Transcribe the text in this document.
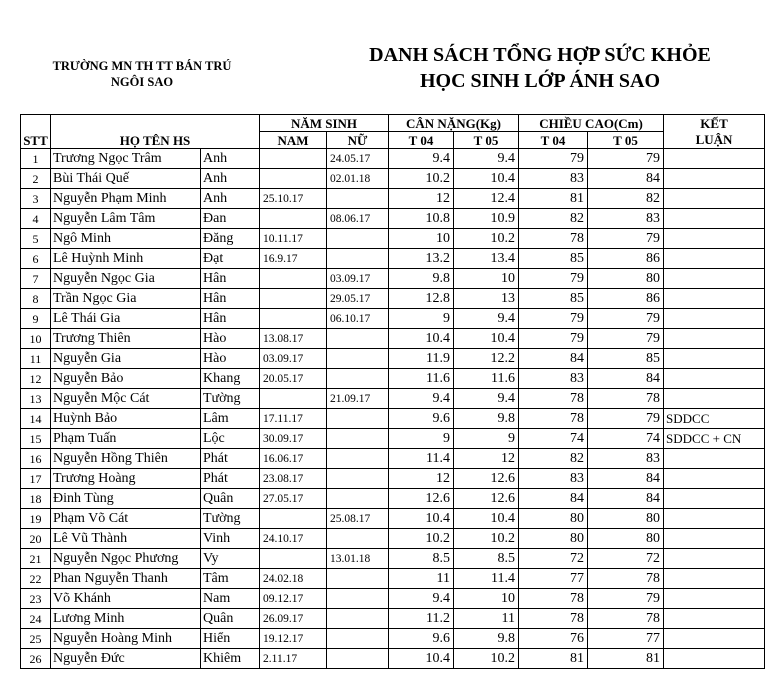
TRƯỜNG MN TH TT BÁN TRÚ
NGÔI SAO
DANH SÁCH TỔNG HỢP SỨC KHỎE
HỌC SINH LỚP ÁNH SAO
STT	HỌ TÊN HS		NĂM SINH		CÂN NẶNG(Kg)		CHIỀU CAO(Cm)		KẾT
			NAM	NỮ	T 04	T 05	T 04	T 05	LUẬN
1	Trương Ngọc Trâm	Anh		24.05.17	9.4	9.4	79	79	
2	Bùi Thái Quế	Anh		02.01.18	10.2	10.4	83	84	
3	Nguyễn Phạm Minh	Anh	25.10.17		12	12.4	81	82	
4	Nguyễn Lâm Tâm	Đan		08.06.17	10.8	10.9	82	83	
5	Ngô Minh	Đăng	10.11.17		10	10.2	78	79	
6	Lê Huỳnh Minh	Đạt	16.9.17		13.2	13.4	85	86	
7	Nguyễn Ngọc Gia	Hân		03.09.17	9.8	10	79	80	
8	Trần Ngọc Gia	Hân		29.05.17	12.8	13	85	86	
9	Lê Thái Gia	Hân		06.10.17	9	9.4	79	79	
10	Trương Thiên	Hào	13.08.17		10.4	10.4	79	79	
11	Nguyễn Gia	Hào	03.09.17		11.9	12.2	84	85	
12	Nguyễn Bảo	Khang	20.05.17		11.6	11.6	83	84	
13	Nguyễn Mộc Cát	Tường		21.09.17	9.4	9.4	78	78	
14	Huỳnh Bảo	Lâm	17.11.17		9.6	9.8	78	79	SDDCC
15	Phạm Tuấn	Lộc	30.09.17		9	9	74	74	SDDCC + CN
16	Nguyễn Hồng Thiên	Phát	16.06.17		11.4	12	82	83	
17	Trương Hoàng	Phát	23.08.17		12	12.6	83	84	
18	Đinh Tùng	Quân	27.05.17		12.6	12.6	84	84	
19	Phạm Võ Cát	Tường		25.08.17	10.4	10.4	80	80	
20	Lê Vũ Thành	Vinh	24.10.17		10.2	10.2	80	80	
21	Nguyễn Ngọc Phương	Vy		13.01.18	8.5	8.5	72	72	
22	Phan Nguyễn Thanh	Tâm	24.02.18		11	11.4	77	78	
23	Võ Khánh	Nam	09.12.17		9.4	10	78	79	
24	Lương Minh	Quân	26.09.17		11.2	11	78	78	
25	Nguyễn Hoàng Minh	Hiển	19.12.17		9.6	9.8	76	77	
26	Nguyễn Đức	Khiêm	2.11.17		10.4	10.2	81	81	
